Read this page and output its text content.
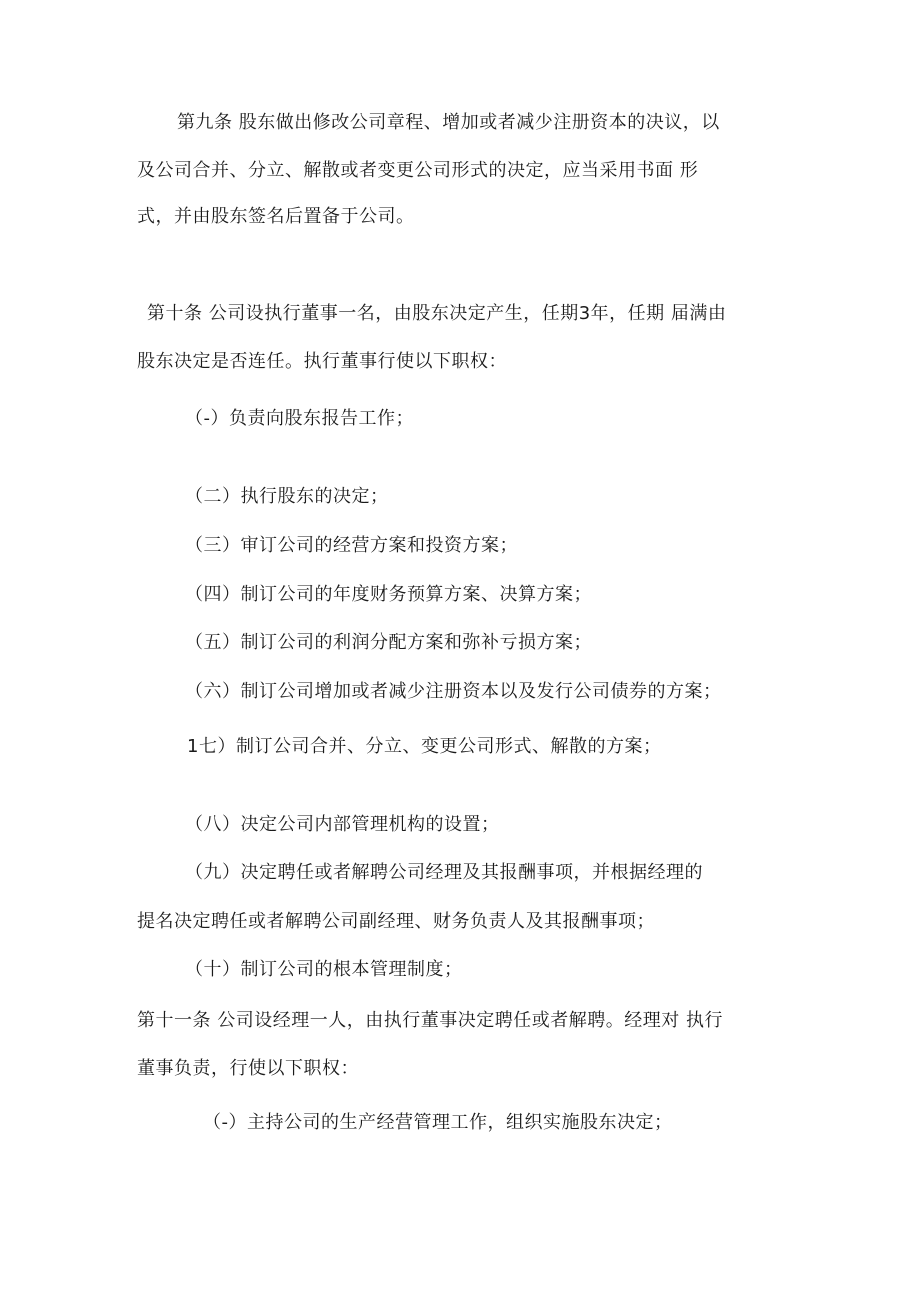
第九条 股东做出修改公司章程、增加或者减少注册资本的决议，以
及公司合并、分立、解散或者变更公司形式的决定，应当采用书面 形
式，并由股东签名后置备于公司。
第十条 公司设执行董事一名，由股东决定产生，任期3年，任期 届满由
股东决定是否连任。执行董事行使以下职权：
（-）负责向股东报告工作；
（二）执行股东的决定；
（三）审订公司的经营方案和投资方案；
（四）制订公司的年度财务预算方案、决算方案；
（五）制订公司的利润分配方案和弥补亏损方案；
（六）制订公司增加或者减少注册资本以及发行公司债券的方案；
1七）制订公司合并、分立、变更公司形式、解散的方案；
（八）决定公司内部管理机构的设置；
（九）决定聘任或者解聘公司经理及其报酬事项，并根据经理的
提名决定聘任或者解聘公司副经理、财务负责人及其报酬事项；
（十）制订公司的根本管理制度；
第十一条 公司设经理一人，由执行董事决定聘任或者解聘。经理对 执行
董事负责，行使以下职权：
（-）主持公司的生产经营管理工作，组织实施股东决定；
